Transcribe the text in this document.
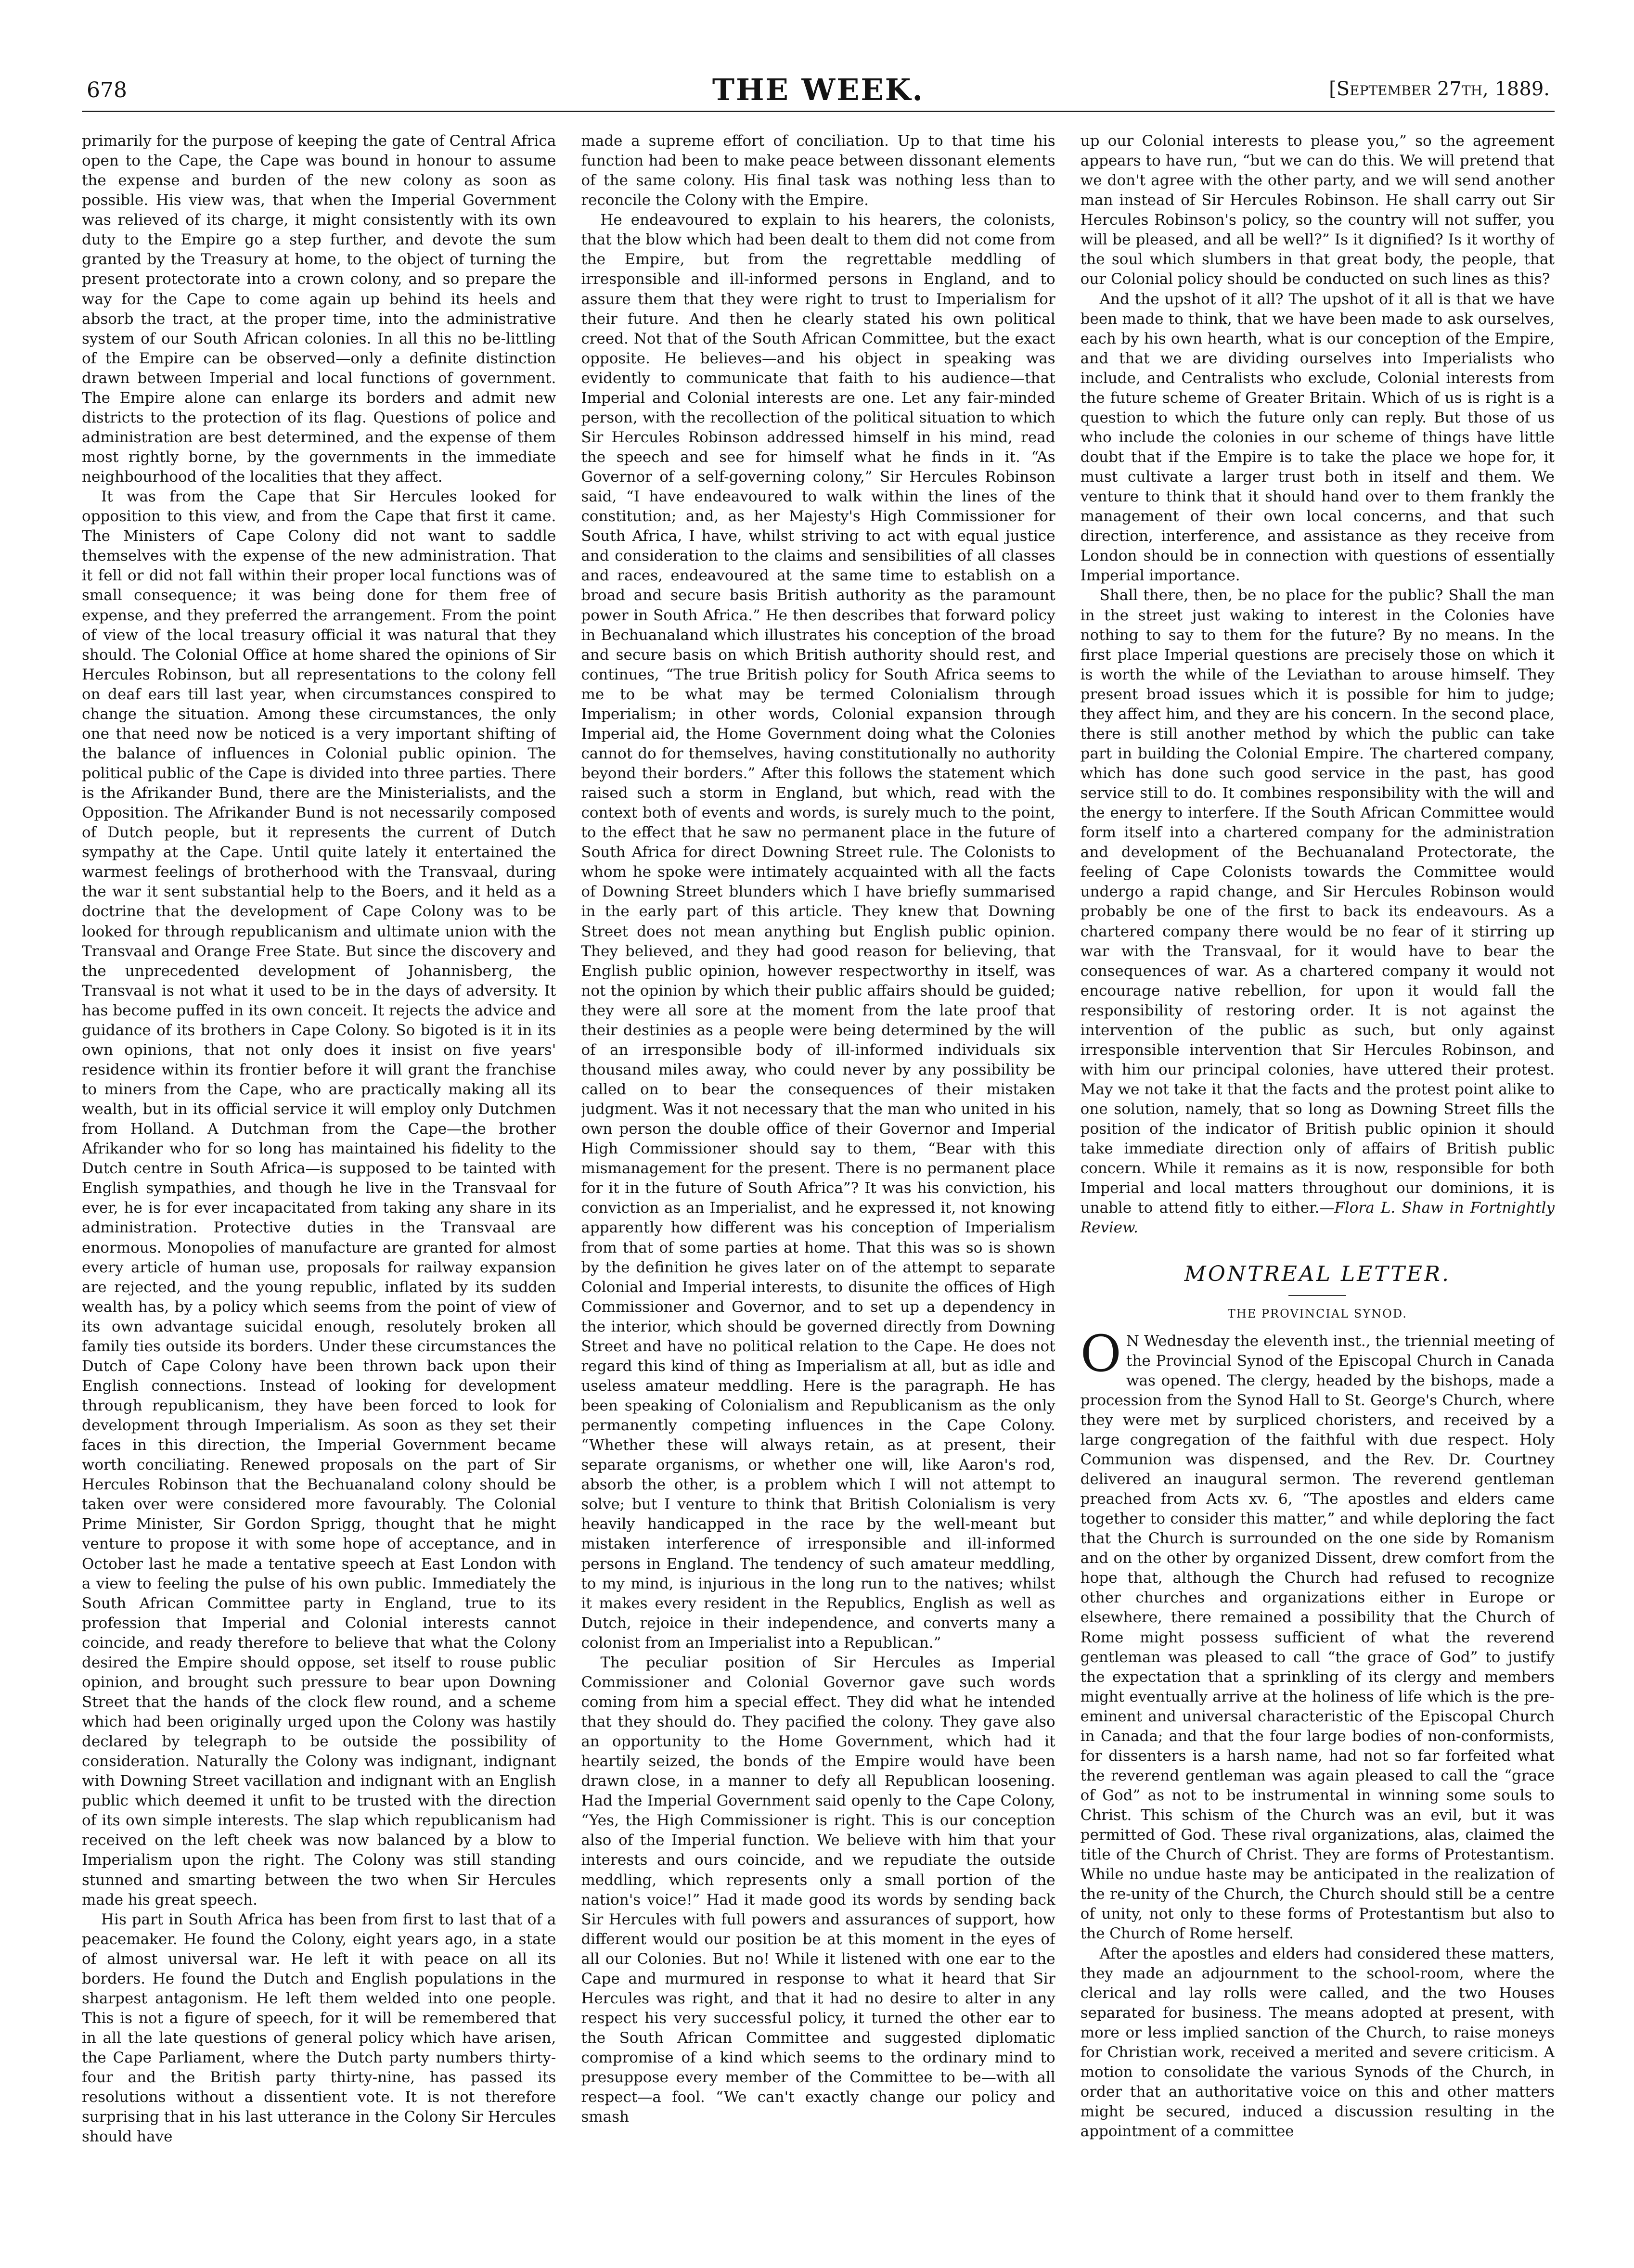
678	THE WEEK.	[September 27th, 1889.

primarily for the purpose of keeping the gate of Central Africa open to the Cape, the Cape was bound in honour to assume the expense and burden of the new colony as soon as possible. His view was, that when the Imperial Government was relieved of its charge, it might consistently with its own duty to the Empire go a step further, and devote the sum granted by the Treasury at home, to the object of turning the present protectorate into a crown colony, and so prepare the way for the Cape to come again up behind its heels and absorb the tract, at the proper time, into the administrative system of our South African colonies. In all this no be-littling of the Empire can be observed—only a definite distinction drawn between Imperial and local functions of government. The Empire alone can enlarge its borders and admit new districts to the protection of its flag. Questions of police and administration are best determined, and the expense of them most rightly borne, by the governments in the immediate neighbourhood of the localities that they affect.

It was from the Cape that Sir Hercules looked for opposition to this view, and from the Cape that first it came. The Ministers of Cape Colony did not want to saddle themselves with the expense of the new administration. That it fell or did not fall within their proper local functions was of small consequence; it was being done for them free of expense, and they preferred the arrangement. From the point of view of the local treasury official it was natural that they should. The Colonial Office at home shared the opinions of Sir Hercules Robinson, but all representations to the colony fell on deaf ears till last year, when circumstances conspired to change the situation. Among these circumstances, the only one that need now be noticed is a very important shifting of the balance of influences in Colonial public opinion. The political public of the Cape is divided into three parties. There is the Afrikander Bund, there are the Ministerialists, and the Opposition. The Afrikander Bund is not necessarily composed of Dutch people, but it represents the current of Dutch sympathy at the Cape. Until quite lately it entertained the warmest feelings of brotherhood with the Transvaal, during the war it sent substantial help to the Boers, and it held as a doctrine that the development of Cape Colony was to be looked for through republicanism and ultimate union with the Transvaal and Orange Free State. But since the discovery and the unprecedented development of Johannisberg, the Transvaal is not what it used to be in the days of adversity. It has become puffed in its own conceit. It rejects the advice and guidance of its brothers in Cape Colony. So bigoted is it in its own opinions, that not only does it insist on five years' residence within its frontier before it will grant the franchise to miners from the Cape, who are practically making all its wealth, but in its official service it will employ only Dutchmen from Holland. A Dutchman from the Cape—the brother Afrikander who for so long has maintained his fidelity to the Dutch centre in South Africa—is supposed to be tainted with English sympathies, and though he live in the Transvaal for ever, he is for ever incapacitated from taking any share in its administration. Protective duties in the Transvaal are enormous. Monopolies of manufacture are granted for almost every article of human use, proposals for railway expansion are rejected, and the young republic, inflated by its sudden wealth has, by a policy which seems from the point of view of its own advantage suicidal enough, resolutely broken all family ties outside its borders. Under these circumstances the Dutch of Cape Colony have been thrown back upon their English connections. Instead of looking for development through republicanism, they have been forced to look for development through Imperialism. As soon as they set their faces in this direction, the Imperial Government became worth conciliating. Renewed proposals on the part of Sir Hercules Robinson that the Bechuanaland colony should be taken over were considered more favourably. The Colonial Prime Minister, Sir Gordon Sprigg, thought that he might venture to propose it with some hope of acceptance, and in October last he made a tentative speech at East London with a view to feeling the pulse of his own public. Immediately the South African Committee party in England, true to its profession that Imperial and Colonial interests cannot coincide, and ready therefore to believe that what the Colony desired the Empire should oppose, set itself to rouse public opinion, and brought such pressure to bear upon Downing Street that the hands of the clock flew round, and a scheme which had been originally urged upon the Colony was hastily declared by telegraph to be outside the possibility of consideration. Naturally the Colony was indignant, indignant with Downing Street vacillation and indignant with an English public which deemed it unfit to be trusted with the direction of its own simple interests. The slap which republicanism had received on the left cheek was now balanced by a blow to Imperialism upon the right. The Colony was still standing stunned and smarting between the two when Sir Hercules made his great speech.

His part in South Africa has been from first to last that of a peacemaker. He found the Colony, eight years ago, in a state of almost universal war. He left it with peace on all its borders. He found the Dutch and English populations in the sharpest antagonism. He left them welded into one people. This is not a figure of speech, for it will be remembered that in all the late questions of general policy which have arisen, the Cape Parliament, where the Dutch party numbers thirty-four and the British party thirty-nine, has passed its resolutions without a dissentient vote. It is not therefore surprising that in his last utterance in the Colony Sir Hercules should have

made a supreme effort of conciliation. Up to that time his function had been to make peace between dissonant elements of the same colony. His final task was nothing less than to reconcile the Colony with the Empire.

He endeavoured to explain to his hearers, the colonists, that the blow which had been dealt to them did not come from the Empire, but from the regrettable meddling of irresponsible and ill-informed persons in England, and to assure them that they were right to trust to Imperialism for their future. And then he clearly stated his own political creed. Not that of the South African Committee, but the exact opposite. He believes—and his object in speaking was evidently to communicate that faith to his audience—that Imperial and Colonial interests are one. Let any fair-minded person, with the recollection of the political situation to which Sir Hercules Robinson addressed himself in his mind, read the speech and see for himself what he finds in it. “As Governor of a self-governing colony,” Sir Hercules Robinson said, “I have endeavoured to walk within the lines of the constitution; and, as her Majesty's High Commissioner for South Africa, I have, whilst striving to act with equal justice and consideration to the claims and sensibilities of all classes and races, endeavoured at the same time to establish on a broad and secure basis British authority as the paramount power in South Africa.” He then describes that forward policy in Bechuanaland which illustrates his conception of the broad and secure basis on which British authority should rest, and continues, “The true British policy for South Africa seems to me to be what may be termed Colonialism through Imperialism; in other words, Colonial expansion through Imperial aid, the Home Government doing what the Colonies cannot do for themselves, having constitutionally no authority beyond their borders.” After this follows the statement which raised such a storm in England, but which, read with the context both of events and words, is surely much to the point, to the effect that he saw no permanent place in the future of South Africa for direct Downing Street rule. The Colonists to whom he spoke were intimately acquainted with all the facts of Downing Street blunders which I have briefly summarised in the early part of this article. They knew that Downing Street does not mean anything but English public opinion. They believed, and they had good reason for believing, that English public opinion, however respectworthy in itself, was not the opinion by which their public affairs should be guided; they were all sore at the moment from the late proof that their destinies as a people were being determined by the will of an irresponsible body of ill-informed individuals six thousand miles away, who could never by any possibility be called on to bear the consequences of their mistaken judgment. Was it not necessary that the man who united in his own person the double office of their Governor and Imperial High Commissioner should say to them, “Bear with this mismanagement for the present. There is no permanent place for it in the future of South Africa”? It was his conviction, his conviction as an Imperialist, and he expressed it, not knowing apparently how different was his conception of Imperialism from that of some parties at home. That this was so is shown by the definition he gives later on of the attempt to separate Colonial and Imperial interests, to disunite the offices of High Commissioner and Governor, and to set up a dependency in the interior, which should be governed directly from Downing Street and have no political relation to the Cape. He does not regard this kind of thing as Imperialism at all, but as idle and useless amateur meddling. Here is the paragraph. He has been speaking of Colonialism and Republicanism as the only permanently competing influences in the Cape Colony. “Whether these will always retain, as at present, their separate organisms, or whether one will, like Aaron's rod, absorb the other, is a problem which I will not attempt to solve; but I venture to think that British Colonialism is very heavily handicapped in the race by the well-meant but mistaken interference of irresponsible and ill-informed persons in England. The tendency of such amateur meddling, to my mind, is injurious in the long run to the natives; whilst it makes every resident in the Republics, English as well as Dutch, rejoice in their independence, and converts many a colonist from an Imperialist into a Republican.”

The peculiar position of Sir Hercules as Imperial Commissioner and Colonial Governor gave such words coming from him a special effect. They did what he intended that they should do. They pacified the colony. They gave also an opportunity to the Home Government, which had it heartily seized, the bonds of the Empire would have been drawn close, in a manner to defy all Republican loosening. Had the Imperial Government said openly to the Cape Colony, “Yes, the High Commissioner is right. This is our conception also of the Imperial function. We believe with him that your interests and ours coincide, and we repudiate the outside meddling, which represents only a small portion of the nation's voice!” Had it made good its words by sending back Sir Hercules with full powers and assurances of support, how different would our position be at this moment in the eyes of all our Colonies. But no! While it listened with one ear to the Cape and murmured in response to what it heard that Sir Hercules was right, and that it had no desire to alter in any respect his very successful policy, it turned the other ear to the South African Committee and suggested diplomatic compromise of a kind which seems to the ordinary mind to presuppose every member of the Committee to be—with all respect—a fool. “We can't exactly change our policy and smash

up our Colonial interests to please you,” so the agreement appears to have run, “but we can do this. We will pretend that we don't agree with the other party, and we will send another man instead of Sir Hercules Robinson. He shall carry out Sir Hercules Robinson's policy, so the country will not suffer, you will be pleased, and all be well?” Is it dignified? Is it worthy of the soul which slumbers in that great body, the people, that our Colonial policy should be conducted on such lines as this?

And the upshot of it all? The upshot of it all is that we have been made to think, that we have been made to ask ourselves, each by his own hearth, what is our conception of the Empire, and that we are dividing ourselves into Imperialists who include, and Centralists who exclude, Colonial interests from the future scheme of Greater Britain. Which of us is right is a question to which the future only can reply. But those of us who include the colonies in our scheme of things have little doubt that if the Empire is to take the place we hope for, it must cultivate a larger trust both in itself and them. We venture to think that it should hand over to them frankly the management of their own local concerns, and that such direction, interference, and assistance as they receive from London should be in connection with questions of essentially Imperial importance.

Shall there, then, be no place for the public? Shall the man in the street just waking to interest in the Colonies have nothing to say to them for the future? By no means. In the first place Imperial questions are precisely those on which it is worth the while of the Leviathan to arouse himself. They present broad issues which it is possible for him to judge; they affect him, and they are his concern. In the second place, there is still another method by which the public can take part in building the Colonial Empire. The chartered company, which has done such good service in the past, has good service still to do. It combines responsibility with the will and the energy to interfere. If the South African Committee would form itself into a chartered company for the administration and development of the Bechuanaland Protectorate, the feeling of Cape Colonists towards the Committee would undergo a rapid change, and Sir Hercules Robinson would probably be one of the first to back its endeavours. As a chartered company there would be no fear of it stirring up war with the Transvaal, for it would have to bear the consequences of war. As a chartered company it would not encourage native rebellion, for upon it would fall the responsibility of restoring order. It is not against the intervention of the public as such, but only against irresponsible intervention that Sir Hercules Robinson, and with him our principal colonies, have uttered their protest. May we not take it that the facts and the protest point alike to one solution, namely, that so long as Downing Street fills the position of the indicator of British public opinion it should take immediate direction only of affairs of British public concern. While it remains as it is now, responsible for both Imperial and local matters throughout our dominions, it is unable to attend fitly to either.—Flora L. Shaw in Fortnightly Review.

MONTREAL LETTER.
THE PROVINCIAL SYNOD.

O N Wednesday the eleventh inst., the triennial meeting of the Provincial Synod of the Episcopal Church in Canada was opened. The clergy, headed by the bishops, made a procession from the Synod Hall to St. George's Church, where they were met by surpliced choristers, and received by a large congregation of the faithful with due respect. Holy Communion was dispensed, and the Rev. Dr. Courtney delivered an inaugural sermon. The reverend gentleman preached from Acts xv. 6, “The apostles and elders came together to consider this matter,” and while deploring the fact that the Church is surrounded on the one side by Romanism and on the other by organized Dissent, drew comfort from the hope that, although the Church had refused to recognize other churches and organizations either in Europe or elsewhere, there remained a possibility that the Church of Rome might possess sufficient of what the reverend gentleman was pleased to call “the grace of God” to justify the expectation that a sprinkling of its clergy and members might eventually arrive at the holiness of life which is the pre-eminent and universal characteristic of the Episcopal Church in Canada; and that the four large bodies of non-conformists, for dissenters is a harsh name, had not so far forfeited what the reverend gentleman was again pleased to call the “grace of God” as not to be instrumental in winning some souls to Christ. This schism of the Church was an evil, but it was permitted of God. These rival organizations, alas, claimed the title of the Church of Christ. They are forms of Protestantism. While no undue haste may be anticipated in the realization of the re-unity of the Church, the Church should still be a centre of unity, not only to these forms of Protestantism but also to the Church of Rome herself.

After the apostles and elders had considered these matters, they made an adjournment to the school-room, where the clerical and lay rolls were called, and the two Houses separated for business. The means adopted at present, with more or less implied sanction of the Church, to raise moneys for Christian work, received a merited and severe criticism. A motion to consolidate the various Synods of the Church, in order that an authoritative voice on this and other matters might be secured, induced a discussion resulting in the appointment of a committee
